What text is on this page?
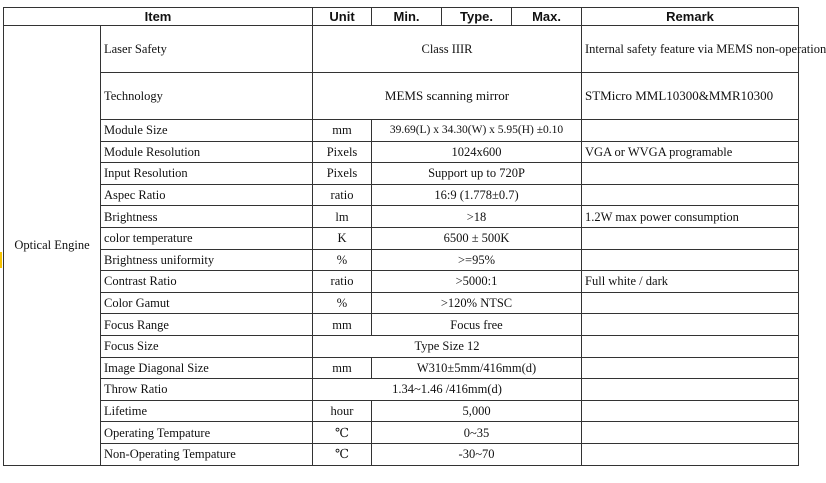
Item		Unit	Min.	Type.	Max.	Remark
Optical Engine	Laser Safety	Class IIIR				Internal safety feature via MEMS non-operation
	Technology	MEMS scanning mirror				STMicro MML10300&MMR10300
	Module Size	mm	39.69(L) x 34.30(W) x 5.95(H) ±0.10			
	Module Resolution	Pixels	1024x600			VGA or WVGA programable
	Input Resolution	Pixels	Support up to 720P			
	Aspec Ratio	ratio	16:9 (1.778±0.7)			
	Brightness	lm	>18			1.2W max power consumption
	color temperature	K	6500 ± 500K			
	Brightness uniformity	%	>=95%			
	Contrast Ratio	ratio	>5000:1			Full white / dark
	Color Gamut	%	>120% NTSC			
	Focus Range	mm	Focus free			
	Focus Size	Type Size 12				
	Image Diagonal Size	mm	W310±5mm/416mm(d)			
	Throw Ratio	1.34~1.46 /416mm(d)				
	Lifetime	hour	5,000			
	Operating Tempature	℃	0~35			
	Non-Operating Tempature	℃	-30~70			
